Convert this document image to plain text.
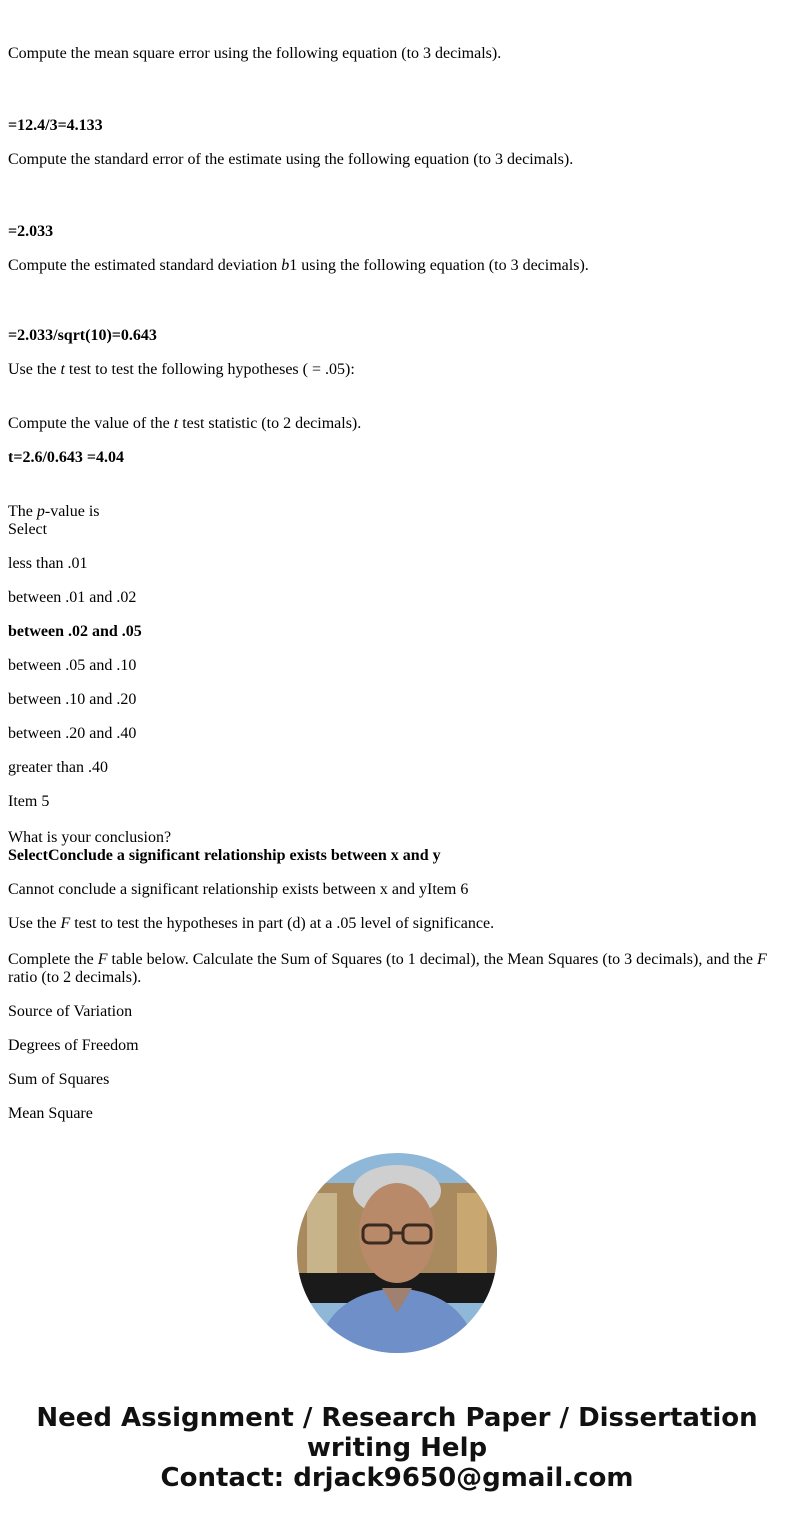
Compute the mean square error using the following equation (to 3 decimals).
=12.4/3=4.133
Compute the standard error of the estimate using the following equation (to 3 decimals).
=2.033
Compute the estimated standard deviation b1 using the following equation (to 3 decimals).
=2.033/sqrt(10)=0.643
Use the t test to test the following hypotheses ( = .05):
Compute the value of the t test statistic (to 2 decimals).
t=2.6/0.643 =4.04
The p-value is
Select
less than .01
between .01 and .02
between .02 and .05
between .05 and .10
between .10 and .20
between .20 and .40
greater than .40
Item 5
What is your conclusion?
SelectConclude a significant relationship exists between x and y
Cannot conclude a significant relationship exists between x and yItem 6
Use the F test to test the hypotheses in part (d) at a .05 level of significance.
Complete the F table below. Calculate the Sum of Squares (to 1 decimal), the Mean Squares (to 3 decimals), and the F ratio (to 2 decimals).
Source of Variation
Degrees of Freedom
Sum of Squares
Mean Square
Need Assignment / Research Paper / Dissertation
writing Help
Contact: drjack9650@gmail.com
